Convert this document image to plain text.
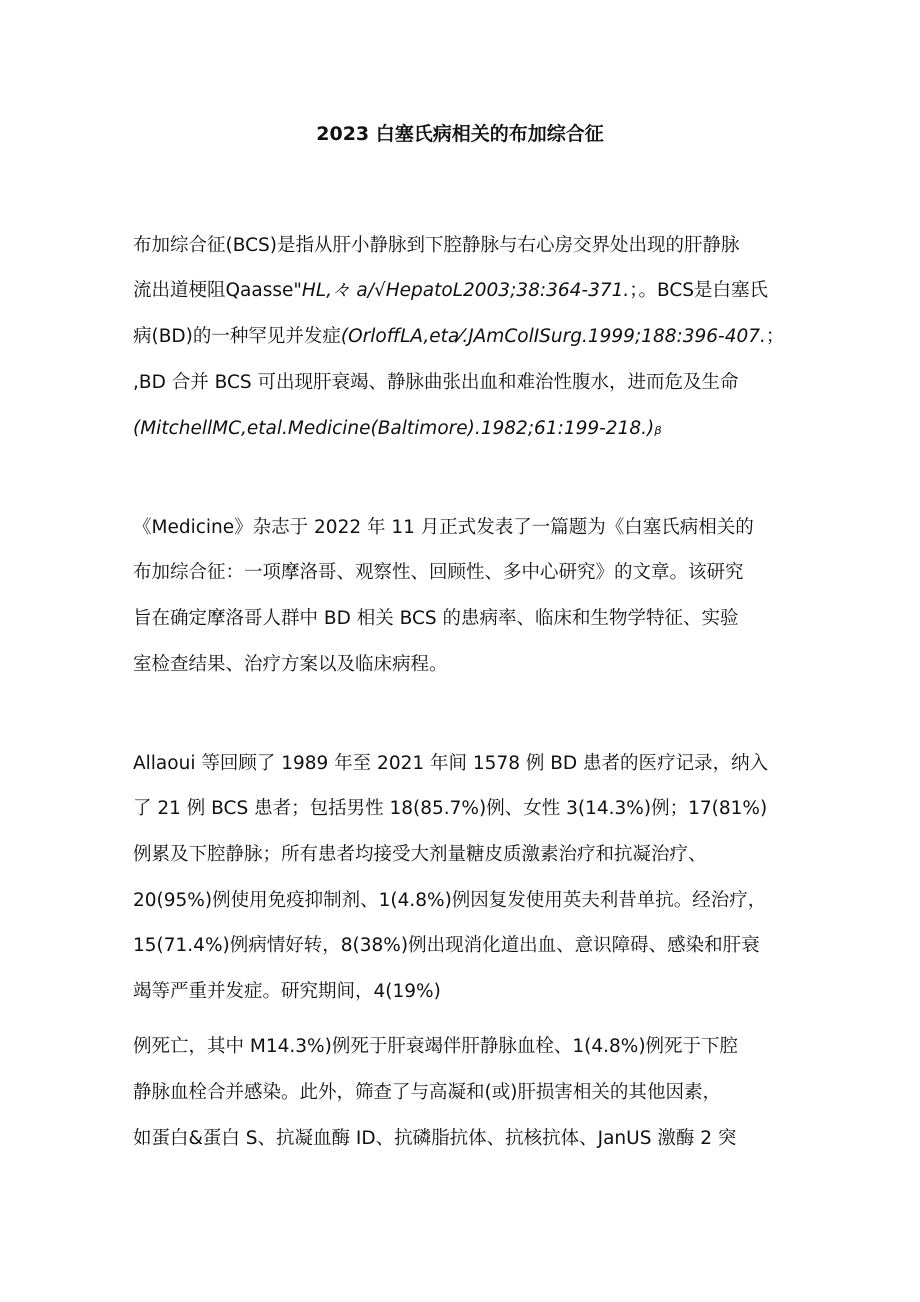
2023 白塞氏病相关的布加综合征
布加综合征(BCS)是指从肝小静脉到下腔静脉与右心房交界处出现的肝静脉
流出道梗阻Qaasse"HL,々 a/√HepatoL2003;38:364-371.；。BCS是白塞氏
病(BD)的一种罕见并发症(OrloffLA,eta⁄.JAmColISurg.1999;188:396-407.；
,BD 合并 BCS 可出现肝衰竭、静脉曲张出血和难治性腹水，进而危及生命
(MitchellMC,etal.Medicine(Baltimore).1982;61:199-218.)ᵦ
《Medicine》杂志于 2022 年 11 月正式发表了一篇题为《白塞氏病相关的
布加综合征：一项摩洛哥、观察性、回顾性、多中心研究》的文章。该研究
旨在确定摩洛哥人群中 BD 相关 BCS 的患病率、临床和生物学特征、实验
室检查结果、治疗方案以及临床病程。
Allaoui 等回顾了 1989 年至 2021 年间 1578 例 BD 患者的医疗记录，纳入
了 21 例 BCS 患者；包括男性 18(85.7%)例、女性 3(14.3%)例；17(81%)
例累及下腔静脉；所有患者均接受大剂量糖皮质激素治疗和抗凝治疗、
20(95%)例使用免疫抑制剂、1(4.8%)例因复发使用英夫利昔单抗。经治疗，
15(71.4%)例病情好转，8(38%)例出现消化道出血、意识障碍、感染和肝衰
竭等严重并发症。研究期间，4(19%)
例死亡，其中 M14.3%)例死于肝衰竭伴肝静脉血栓、1(4.8%)例死于下腔
静脉血栓合并感染。此外，筛查了与高凝和(或)肝损害相关的其他因素，
如蛋白&蛋白 S、抗凝血酶 ID、抗磷脂抗体、抗核抗体、JanUS 激酶 2 突
